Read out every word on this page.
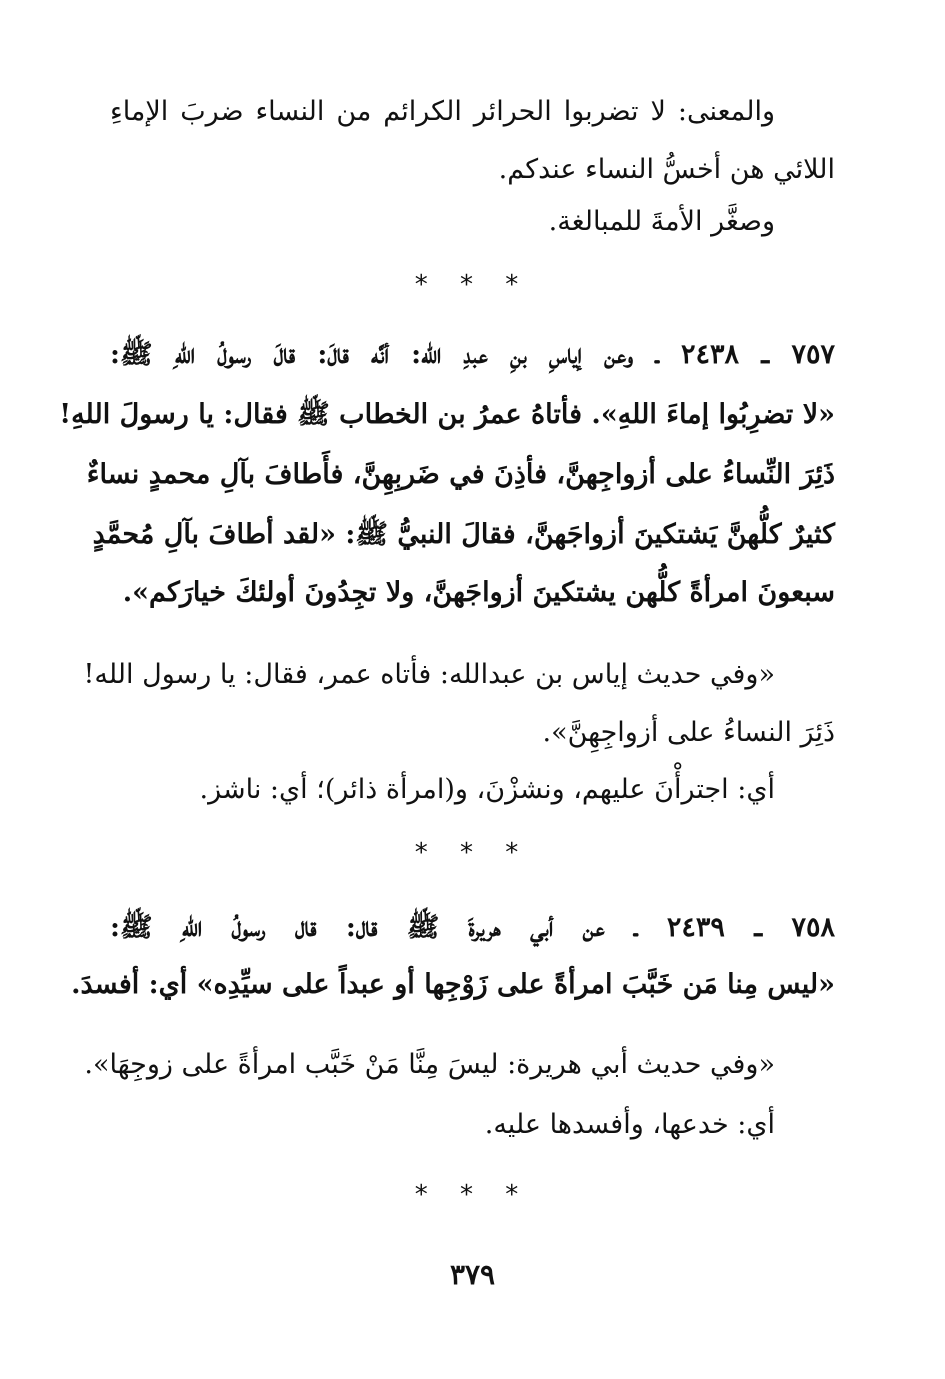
والمعنى: لا تضربوا الحرائر الكرائم من النساء ضربَ الإماءِ
اللائي هن أخسُّ النساء عندكم.
وصغَّر الأمةَ للمبالغة.
* * *
٧٥٧ ـ ٢٤٣٨ ـ وعن إياسِ بنِ عبدِ الله: أنَّه قالَ: قالَ رسولُ اللهِ ﷺ:
«لا تضرِبُوا إماءَ اللهِ». فأتاهُ عمرُ بن الخطاب ﷺ فقال: يا رسولَ اللهِ!
ذَئِرَ النِّساءُ على أزواجِهنَّ، فأذِنَ في ضَربِهِنَّ، فأَطافَ بآلِ محمدٍ نساءٌ
كثيرٌ كلُّهنَّ يَشتكينَ أزواجَهنَّ، فقالَ النبيُّ ﷺ: «لقد أطافَ بآلِ مُحمَّدٍ
سبعونَ امرأةً كلُّهن يشتكينَ أزواجَهنَّ، ولا تجِدُونَ أولئكَ خيارَكم».
«وفي حديث إياس بن عبدالله: فأتاه عمر، فقال: يا رسول الله!
ذَئِرَ النساءُ على أزواجِهِنَّ».
أي: اجترأْنَ عليهم، ونشزْنَ، و(امرأة ذائر)؛ أي: ناشز.
* * *
٧٥٨ ـ ٢٤٣٩ ـ عن أبي هريرةَ ﷺ قال: قال رسولُ اللهِ ﷺ:
«ليس مِنا مَن خَبَّبَ امرأةً على زَوْجِها أو عبداً على سيِّدِه» أي: أفسدَ.
«وفي حديث أبي هريرة: ليسَ مِنَّا مَنْ خَبَّب امرأةً على زوجِهَا».
أي: خدعها، وأفسدها عليه.
* * *
٣٧٩
